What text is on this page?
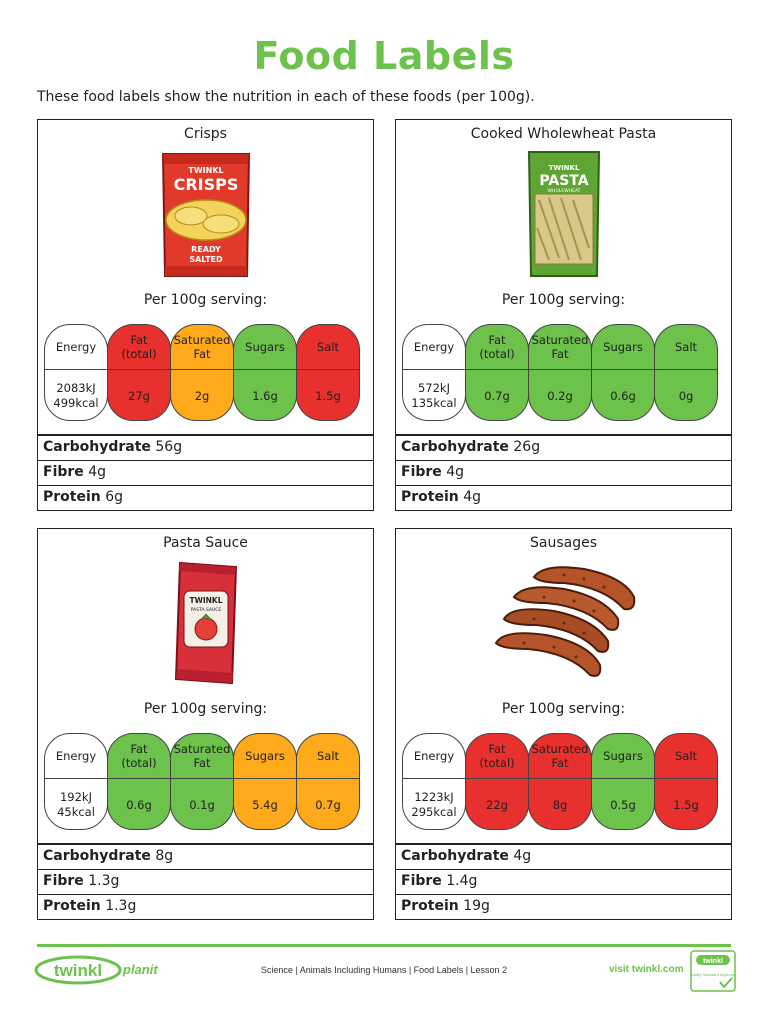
Food Labels
These food labels show the nutrition in each of these foods (per 100g).
Crisps
TWINKL
CRISPS
READY
SALTED
Per 100g serving:
Energy
2083kJ
499kcal
Fat
(total)
27g
Saturated
Fat
2g
Sugars
1.6g
Salt
1.5g
Carbohydrate 56g
Fibre 4g
Protein 6g
Cooked Wholewheat Pasta
TWINKL
PASTA
WHOLEWHEAT
Per 100g serving:
Energy
572kJ
135kcal
Fat
(total)
0.7g
Saturated
Fat
0.2g
Sugars
0.6g
Salt
0g
Carbohydrate 26g
Fibre 4g
Protein 4g
Pasta Sauce
TWINKL
PASTA SAUCE
Per 100g serving:
Energy
192kJ
45kcal
Fat
(total)
0.6g
Saturated
Fat
0.1g
Sugars
5.4g
Salt
0.7g
Carbohydrate 8g
Fibre 1.3g
Protein 1.3g
Sausages
Per 100g serving:
Energy
1223kJ
295kcal
Fat
(total)
22g
Saturated
Fat
8g
Sugars
0.5g
Salt
1.5g
Carbohydrate 4g
Fibre 1.4g
Protein 19g
twinkl planit	Science | Animals Including Humans | Food Labels | Lesson 2	visit twinkl.com
twinkl
Quality Standard Approved
